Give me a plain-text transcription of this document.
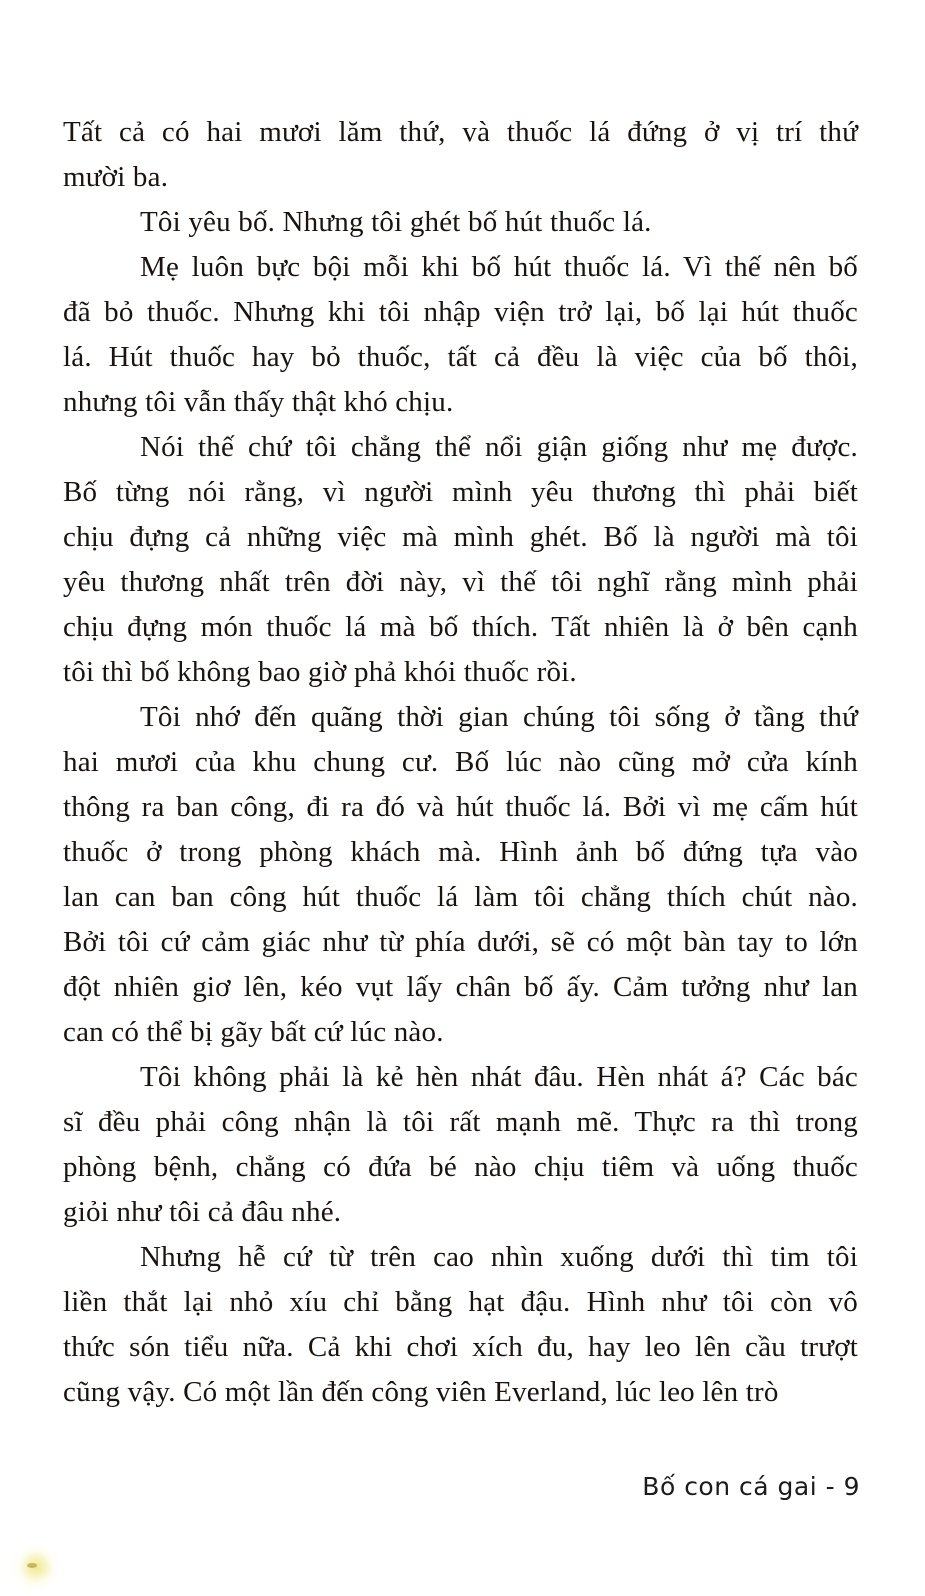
Tất cả có hai mươi lăm thứ, và thuốc lá đứng ở vị trí thứ
mười ba.

Tôi yêu bố. Nhưng tôi ghét bố hút thuốc lá.

Mẹ luôn bực bội mỗi khi bố hút thuốc lá. Vì thế nên bố
đã bỏ thuốc. Nhưng khi tôi nhập viện trở lại, bố lại hút thuốc
lá. Hút thuốc hay bỏ thuốc, tất cả đều là việc của bố thôi,
nhưng tôi vẫn thấy thật khó chịu.

Nói thế chứ tôi chẳng thể nổi giận giống như mẹ được.
Bố từng nói rằng, vì người mình yêu thương thì phải biết
chịu đựng cả những việc mà mình ghét. Bố là người mà tôi
yêu thương nhất trên đời này, vì thế tôi nghĩ rằng mình phải
chịu đựng món thuốc lá mà bố thích. Tất nhiên là ở bên cạnh
tôi thì bố không bao giờ phả khói thuốc rồi.

Tôi nhớ đến quãng thời gian chúng tôi sống ở tầng thứ
hai mươi của khu chung cư. Bố lúc nào cũng mở cửa kính
thông ra ban công, đi ra đó và hút thuốc lá. Bởi vì mẹ cấm hút
thuốc ở trong phòng khách mà. Hình ảnh bố đứng tựa vào
lan can ban công hút thuốc lá làm tôi chẳng thích chút nào.
Bởi tôi cứ cảm giác như từ phía dưới, sẽ có một bàn tay to lớn
đột nhiên giơ lên, kéo vụt lấy chân bố ấy. Cảm tưởng như lan
can có thể bị gãy bất cứ lúc nào.

Tôi không phải là kẻ hèn nhát đâu. Hèn nhát á? Các bác
sĩ đều phải công nhận là tôi rất mạnh mẽ. Thực ra thì trong
phòng bệnh, chẳng có đứa bé nào chịu tiêm và uống thuốc
giỏi như tôi cả đâu nhé.

Nhưng hễ cứ từ trên cao nhìn xuống dưới thì tim tôi
liền thắt lại nhỏ xíu chỉ bằng hạt đậu. Hình như tôi còn vô
thức són tiểu nữa. Cả khi chơi xích đu, hay leo lên cầu trượt
cũng vậy. Có một lần đến công viên Everland, lúc leo lên trò

Bố con cá gai - 9
